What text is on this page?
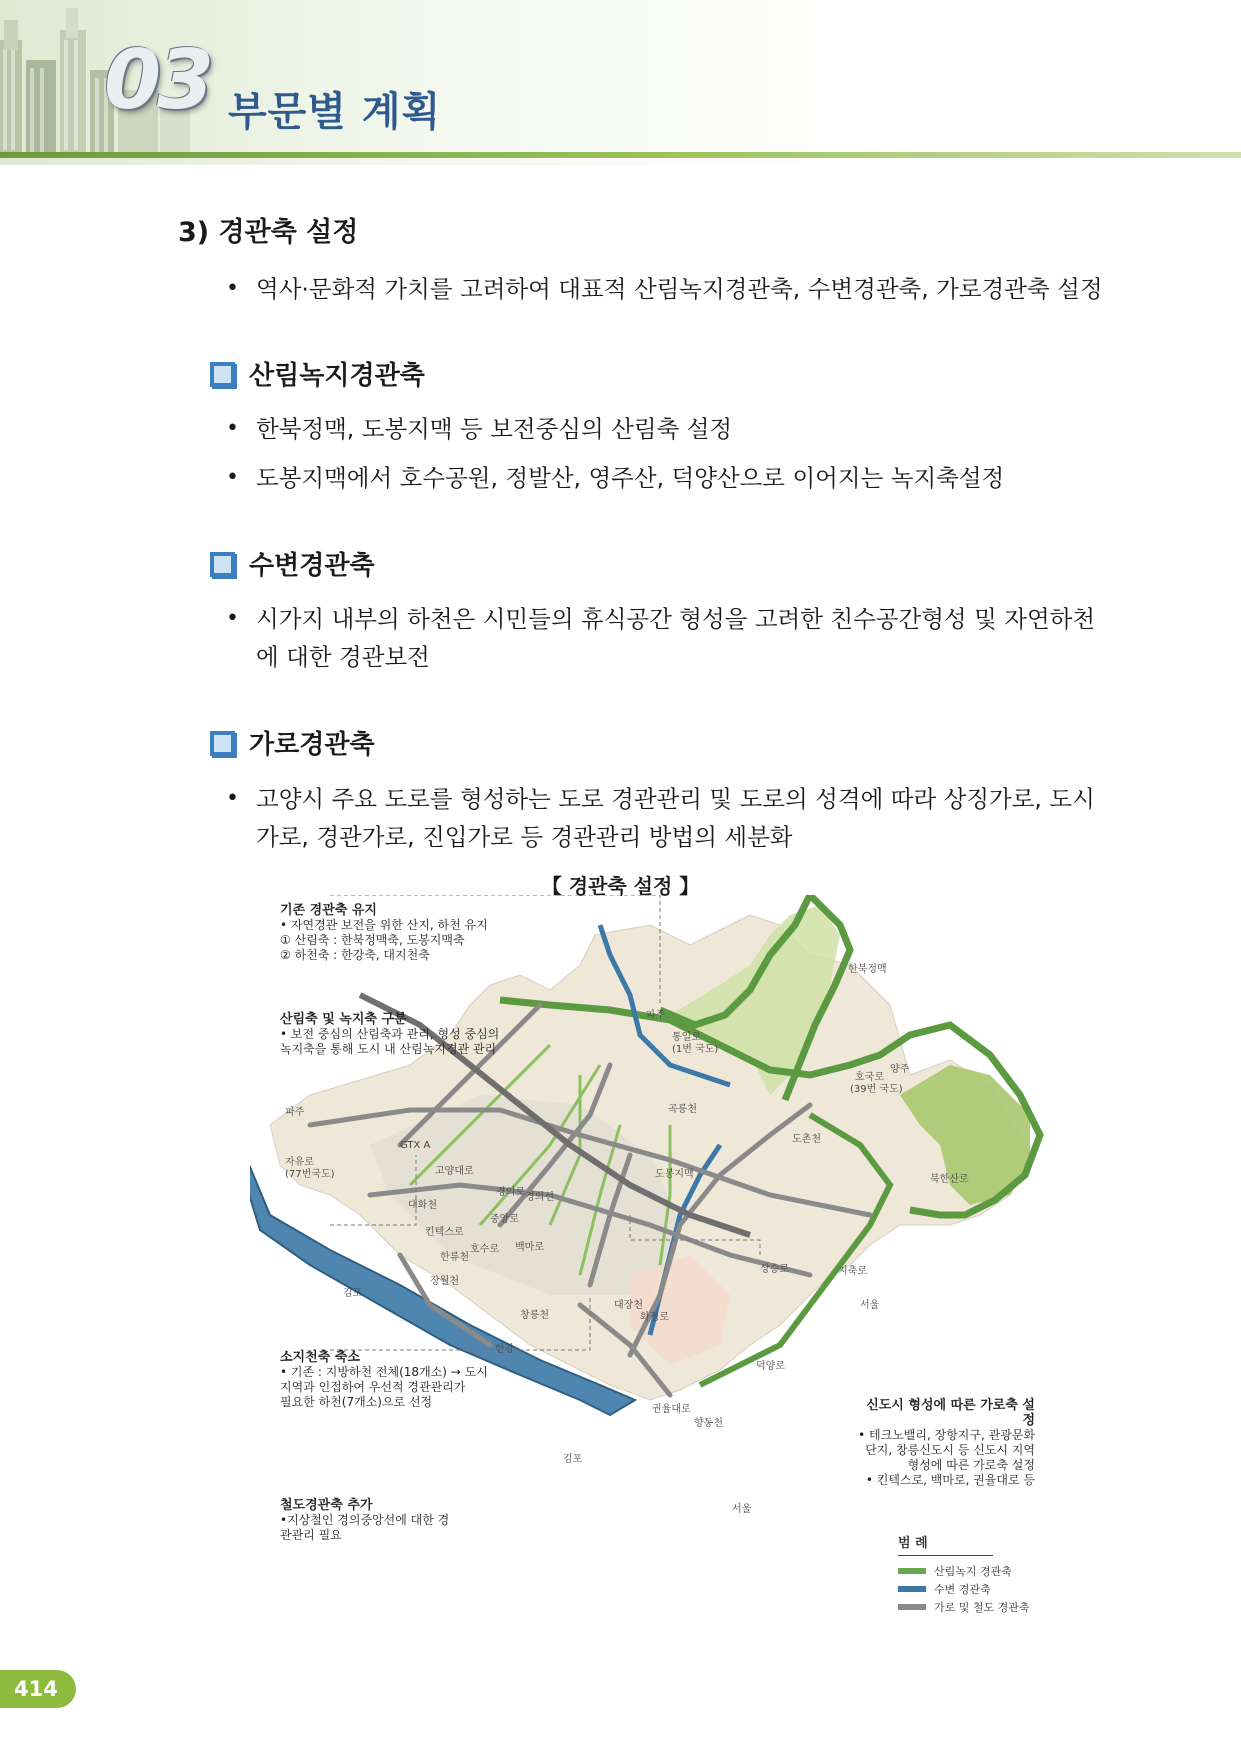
03 부문별 계획
3) 경관축 설정
• 역사·문화적 가치를 고려하여 대표적 산림녹지경관축, 수변경관축, 가로경관축 설정
산림녹지경관축
• 한북정맥, 도봉지맥 등 보전중심의 산림축 설정
• 도봉지맥에서 호수공원, 정발산, 영주산, 덕양산으로 이어지는 녹지축설정
수변경관축
• 시가지 내부의 하천은 시민들의 휴식공간 형성을 고려한 친수공간형성 및 자연하천에 대한 경관보전
가로경관축
• 고양시 주요 도로를 형성하는 도로 경관관리 및 도로의 성격에 따라 상징가로, 도시가로, 경관가로, 진입가로 등 경관관리 방법의 세분화
【 경관축 설정 】
기존 경관축 유지
• 자연경관 보전을 위한 산지, 하천 유지
① 산림축 : 한북정맥축, 도봉지맥축
② 하천축 : 한강축, 대지천축
산림축 및 녹지축 구분
• 보전 중심의 산림축과 관리, 형성 중심의
녹지축을 통해 도시 내 산림녹지경관 관리
소지천축 축소
• 기존 : 지방하천 전체(18개소) → 도시
지역과 인접하여 우선적 경관관리가
필요한 하천(7개소)으로 선정
철도경관축 추가
•지상철인 경의중앙선에 대한 경
관관리 필요
신도시 형성에 따른 가로축 설정
• 테크노밸리, 장항지구, 관광문화
단지, 창릉신도시 등 신도시 지역
형성에 따른 가로축 설정
• 킨텍스로, 백마로, 권율대로 등
한북정맥
파주
통일로
(1번 국도)
양주
호국로
(39번 국도)
곡릉천
도촌천
북한산로
파주
자유로
(77번국도)
GTX A
고양대로
경의로 경의선
도봉지맥
대화천
킨텍스로
중앙로
호수로
한류천
백마로
장월천
김포
상승로	지축로
서울
대장천
화정로
창릉천
한강
덕양로
권율대로
향동천
김포
서울
범 례
산림녹지 경관축
수변 경관축
가로 및 철도 경관축
414
